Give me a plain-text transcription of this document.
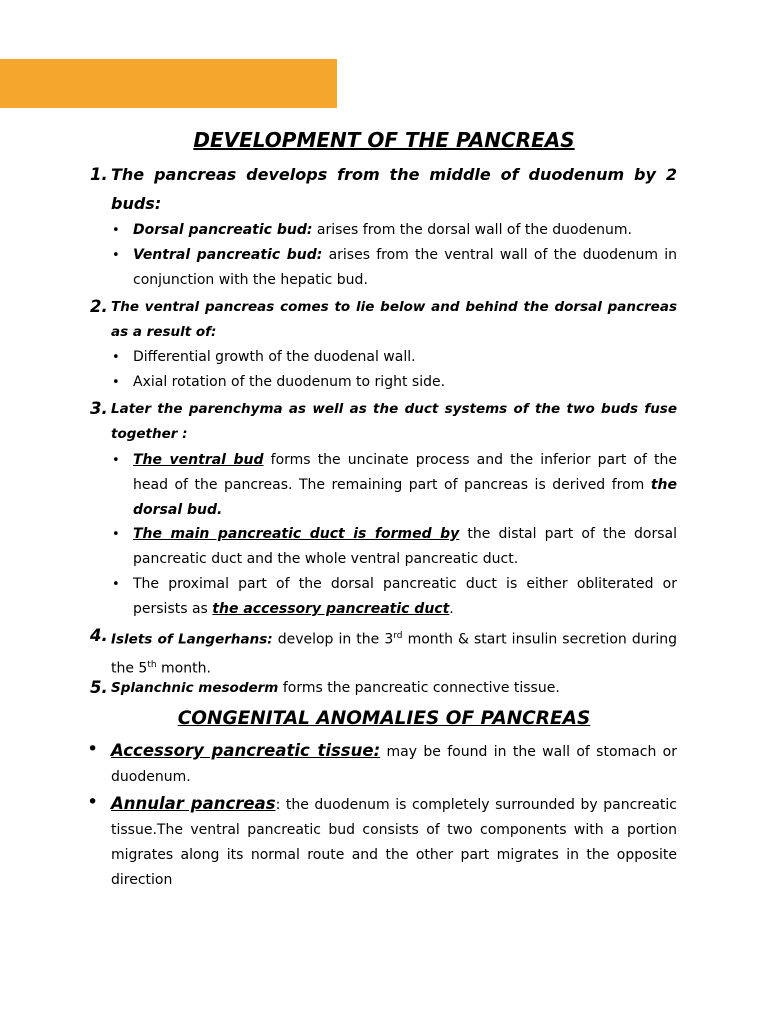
DEVELOPMENT OF THE PANCREAS
1. The pancreas develops from the middle of duodenum by 2 buds:
• Dorsal pancreatic bud: arises from the dorsal wall of the duodenum.
• Ventral pancreatic bud: arises from the ventral wall of the duodenum in conjunction with the hepatic bud.
2. The ventral pancreas comes to lie below and behind the dorsal pancreas as a result of:
• Differential growth of the duodenal wall.
• Axial rotation of the duodenum to right side.
3. Later the parenchyma as well as the duct systems of the two buds fuse together :
• The ventral bud forms the uncinate process and the inferior part of the head of the pancreas. The remaining part of pancreas is derived from the dorsal bud.
• The main pancreatic duct is formed by the distal part of the dorsal pancreatic duct and the whole ventral pancreatic duct.
• The proximal part of the dorsal pancreatic duct is either obliterated or persists as the accessory pancreatic duct.
4. Islets of Langerhans: develop in the 3rd month & start insulin secretion during the 5th month.
5. Splanchnic mesoderm forms the pancreatic connective tissue.
CONGENITAL ANOMALIES OF PANCREAS
• Accessory pancreatic tissue: may be found in the wall of stomach or duodenum.
• Annular pancreas: the duodenum is completely surrounded by pancreatic tissue.The ventral pancreatic bud consists of two components with a portion migrates along its normal route and the other part migrates in the opposite direction
